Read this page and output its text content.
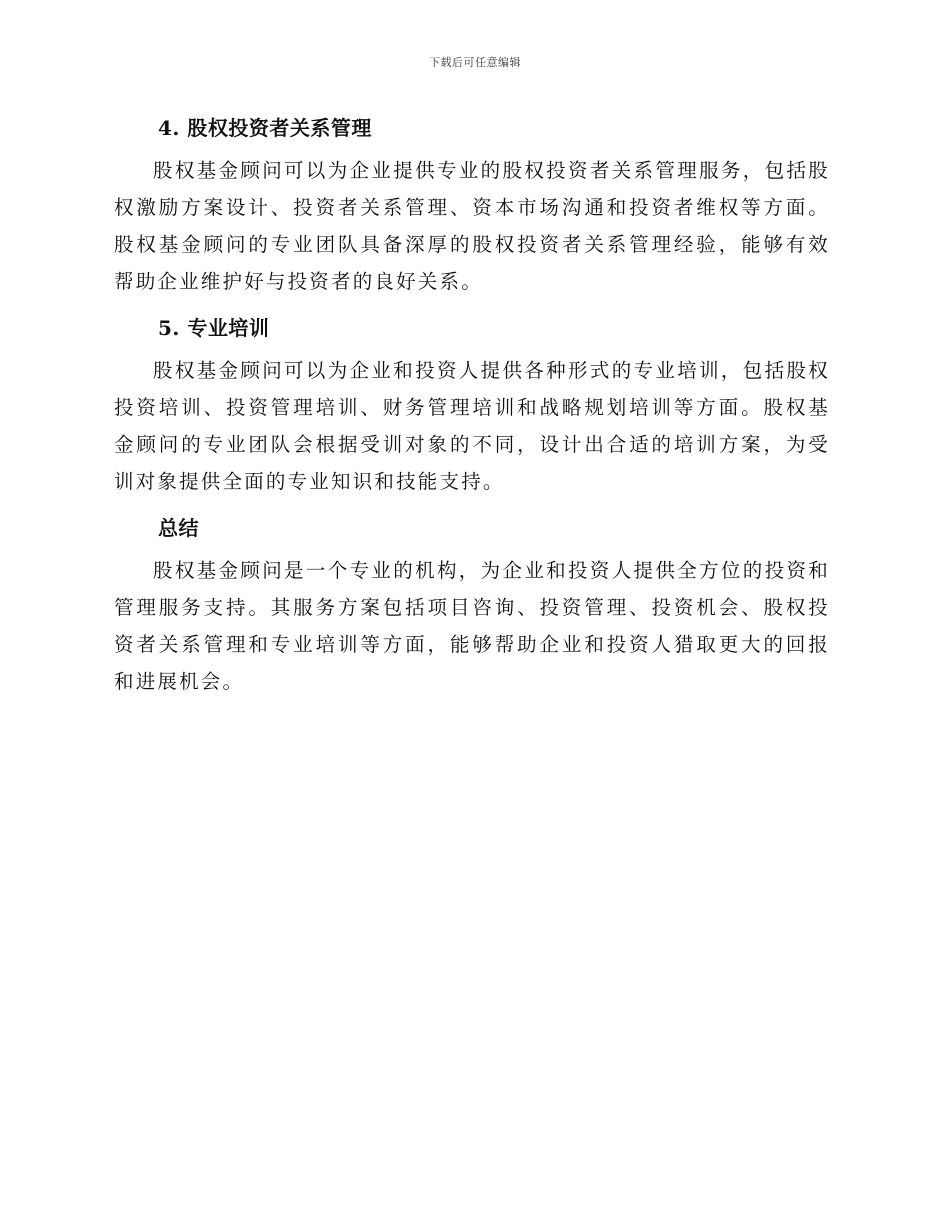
下载后可任意编辑
4. 股权投资者关系管理

股权基金顾问可以为企业提供专业的股权投资者关系管理服务，包括股权激励方案设计、投资者关系管理、资本市场沟通和投资者维权等方面。股权基金顾问的专业团队具备深厚的股权投资者关系管理经验，能够有效帮助企业维护好与投资者的良好关系。

5. 专业培训

股权基金顾问可以为企业和投资人提供各种形式的专业培训，包括股权投资培训、投资管理培训、财务管理培训和战略规划培训等方面。股权基金顾问的专业团队会根据受训对象的不同，设计出合适的培训方案，为受训对象提供全面的专业知识和技能支持。

总结

股权基金顾问是一个专业的机构，为企业和投资人提供全方位的投资和管理服务支持。其服务方案包括项目咨询、投资管理、投资机会、股权投资者关系管理和专业培训等方面，能够帮助企业和投资人猎取更大的回报和进展机会。
